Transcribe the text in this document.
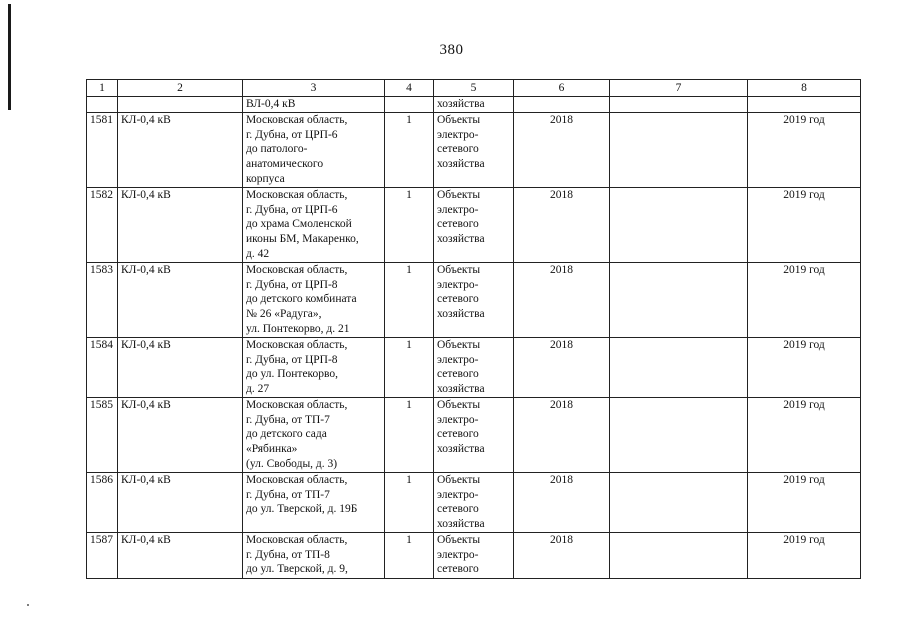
380
1	2	3	4	5	6	7	8
		ВЛ-0,4 кВ		хозяйства			
1581	КЛ-0,4 кВ	Московская область,
г. Дубна, от ЦРП-6
до патолого-
анатомического
корпуса	1	Объекты
электро-
сетевого
хозяйства	2018		2019 год
1582	КЛ-0,4 кВ	Московская область,
г. Дубна, от ЦРП-6
до храма Смоленской
иконы БМ, Макаренко,
д. 42	1	Объекты
электро-
сетевого
хозяйства	2018		2019 год
1583	КЛ-0,4 кВ	Московская область,
г. Дубна, от ЦРП-8
до детского комбината
№ 26 «Радуга»,
ул. Понтекорво, д. 21	1	Объекты
электро-
сетевого
хозяйства	2018		2019 год
1584	КЛ-0,4 кВ	Московская область,
г. Дубна, от ЦРП-8
до ул. Понтекорво,
д. 27	1	Объекты
электро-
сетевого
хозяйства	2018		2019 год
1585	КЛ-0,4 кВ	Московская область,
г. Дубна, от ТП-7
до детского сада
«Рябинка»
(ул. Свободы, д. 3)	1	Объекты
электро-
сетевого
хозяйства	2018		2019 год
1586	КЛ-0,4 кВ	Московская область,
г. Дубна, от ТП-7
до ул. Тверской, д. 19Б	1	Объекты
электро-
сетевого
хозяйства	2018		2019 год
1587	КЛ-0,4 кВ	Московская область,
г. Дубна, от ТП-8
до ул. Тверской, д. 9,	1	Объекты
электро-
сетевого	2018		2019 год
